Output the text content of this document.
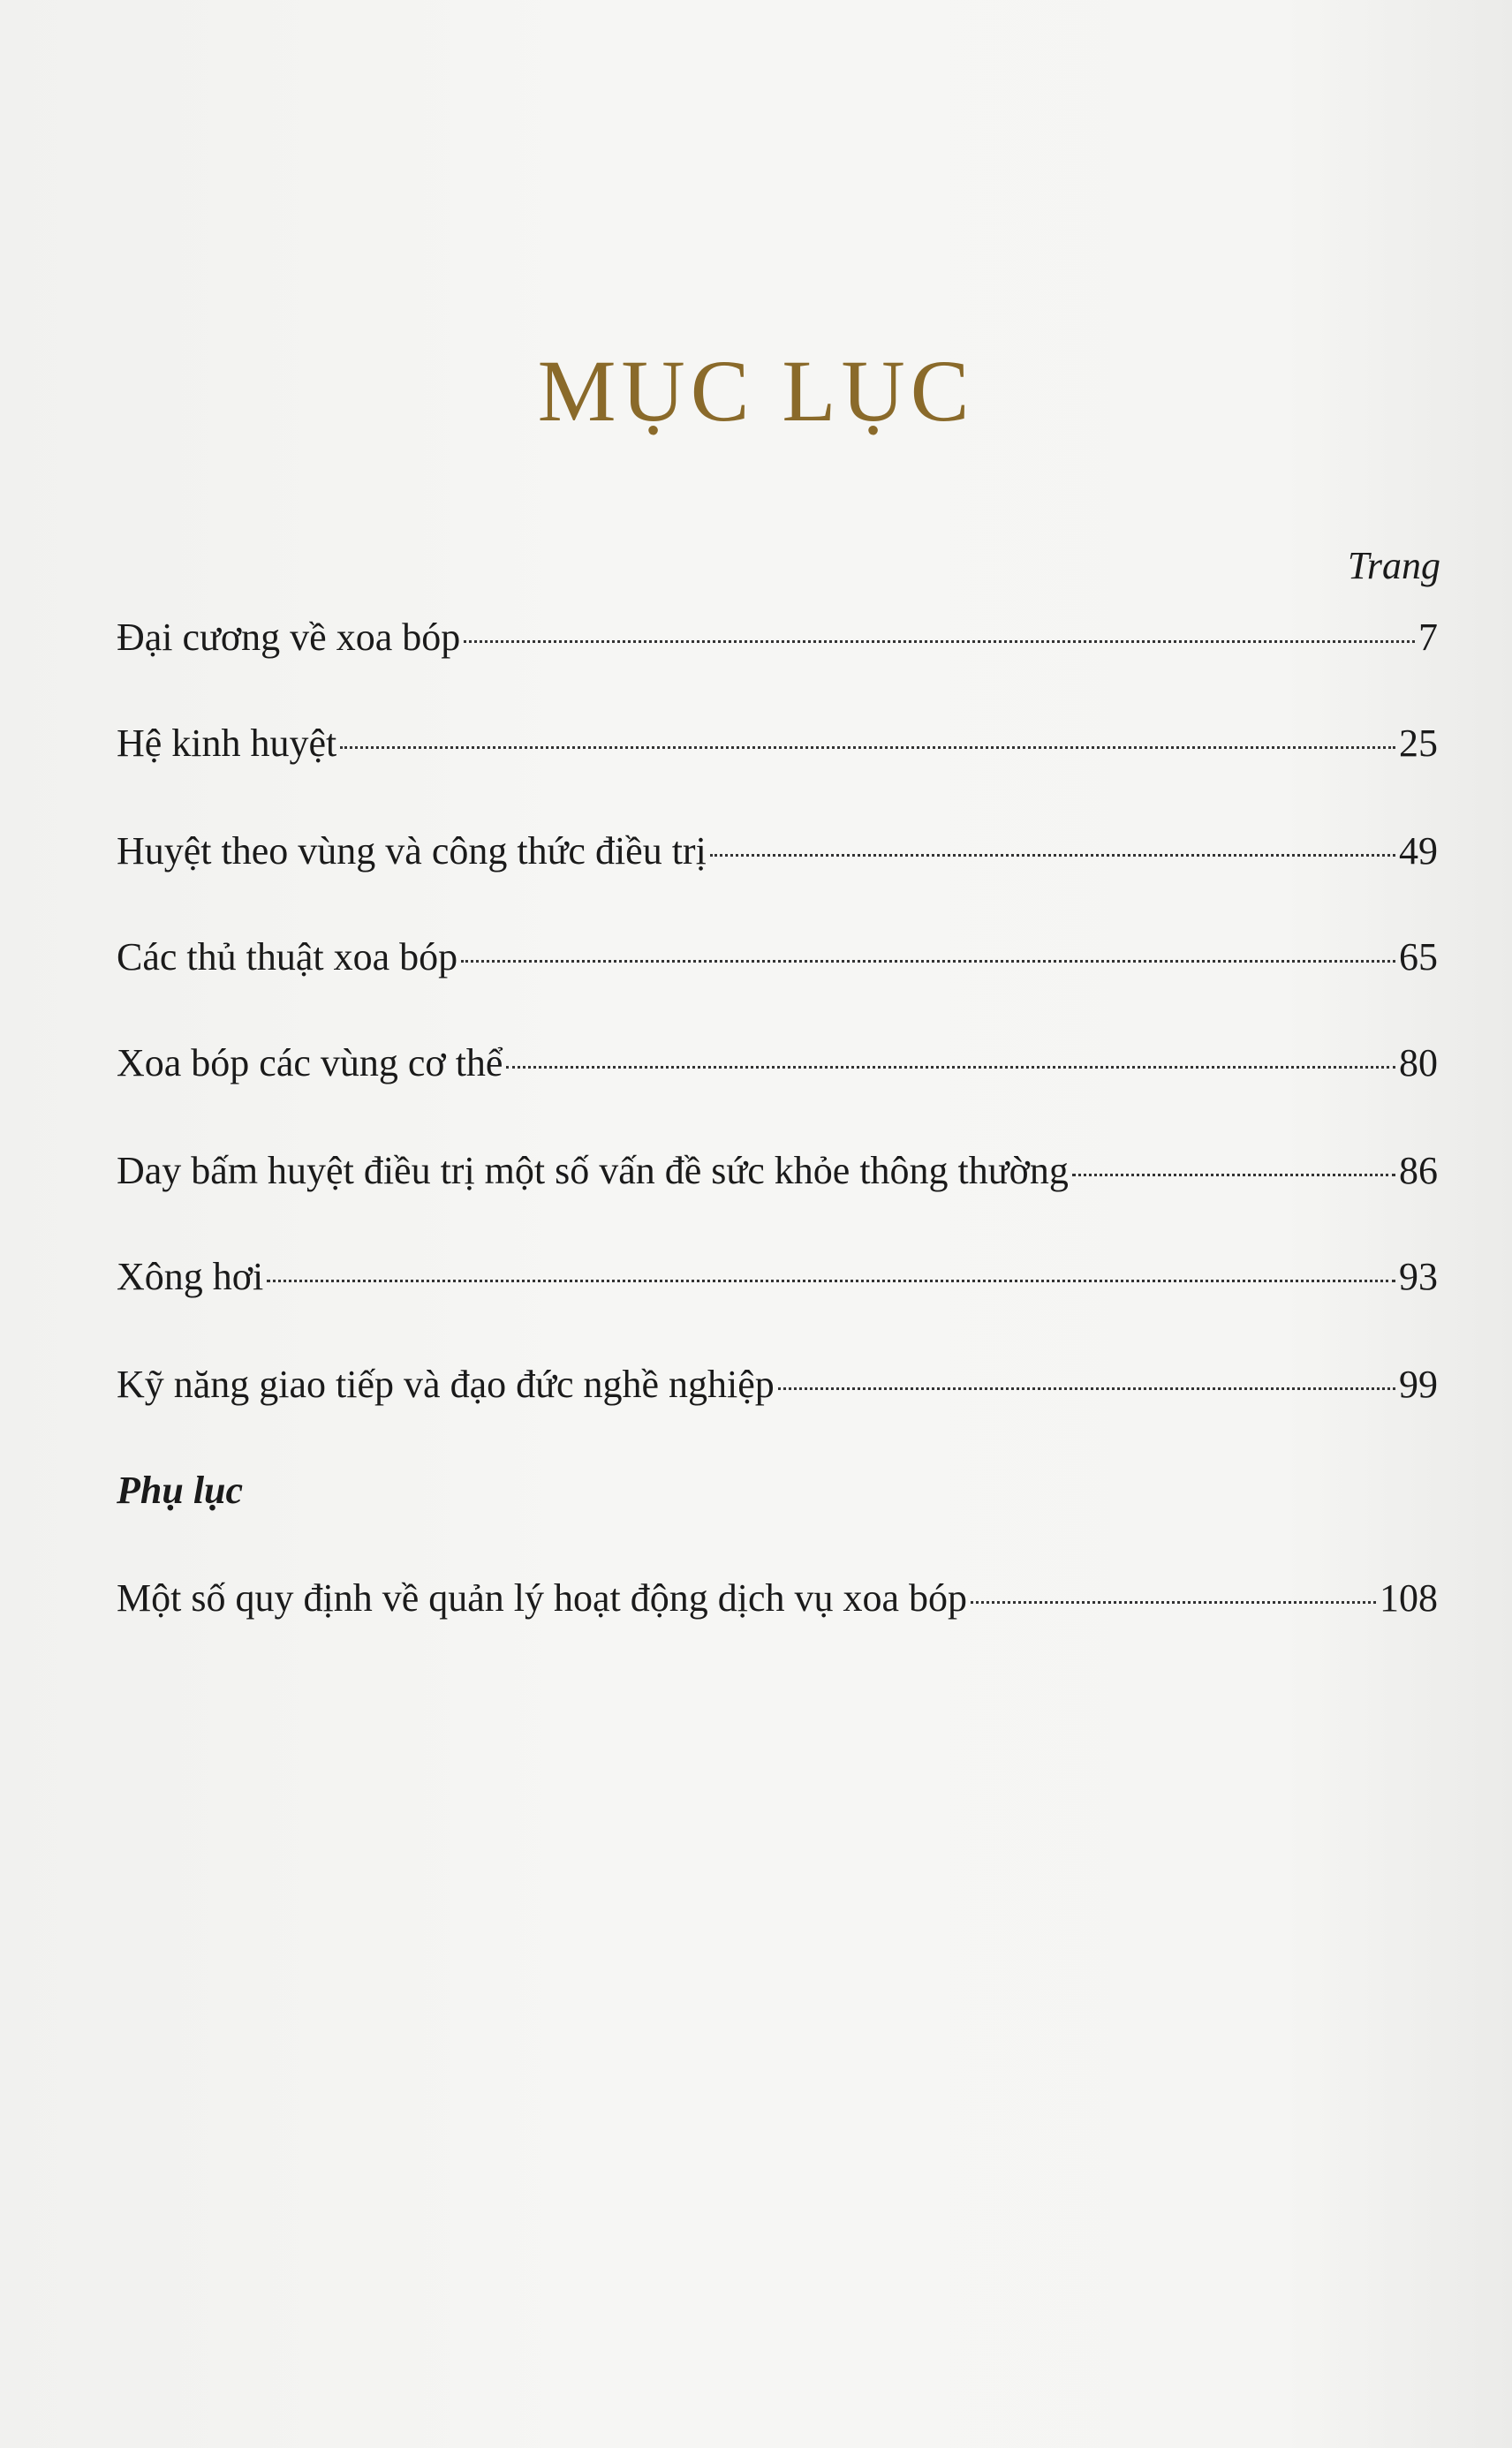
MỤC LỤC
Trang
Đại cương về xoa bóp	7
Hệ kinh huyệt	25
Huyệt theo vùng và công thức điều trị	49
Các thủ thuật xoa bóp	65
Xoa bóp các vùng cơ thể	80
Day bấm huyệt điều trị một số vấn đề sức khỏe thông thường	86
Xông hơi	93
Kỹ năng giao tiếp và đạo đức nghề nghiệp	99
Phụ lục
Một số quy định về quản lý hoạt động dịch vụ xoa bóp	108
